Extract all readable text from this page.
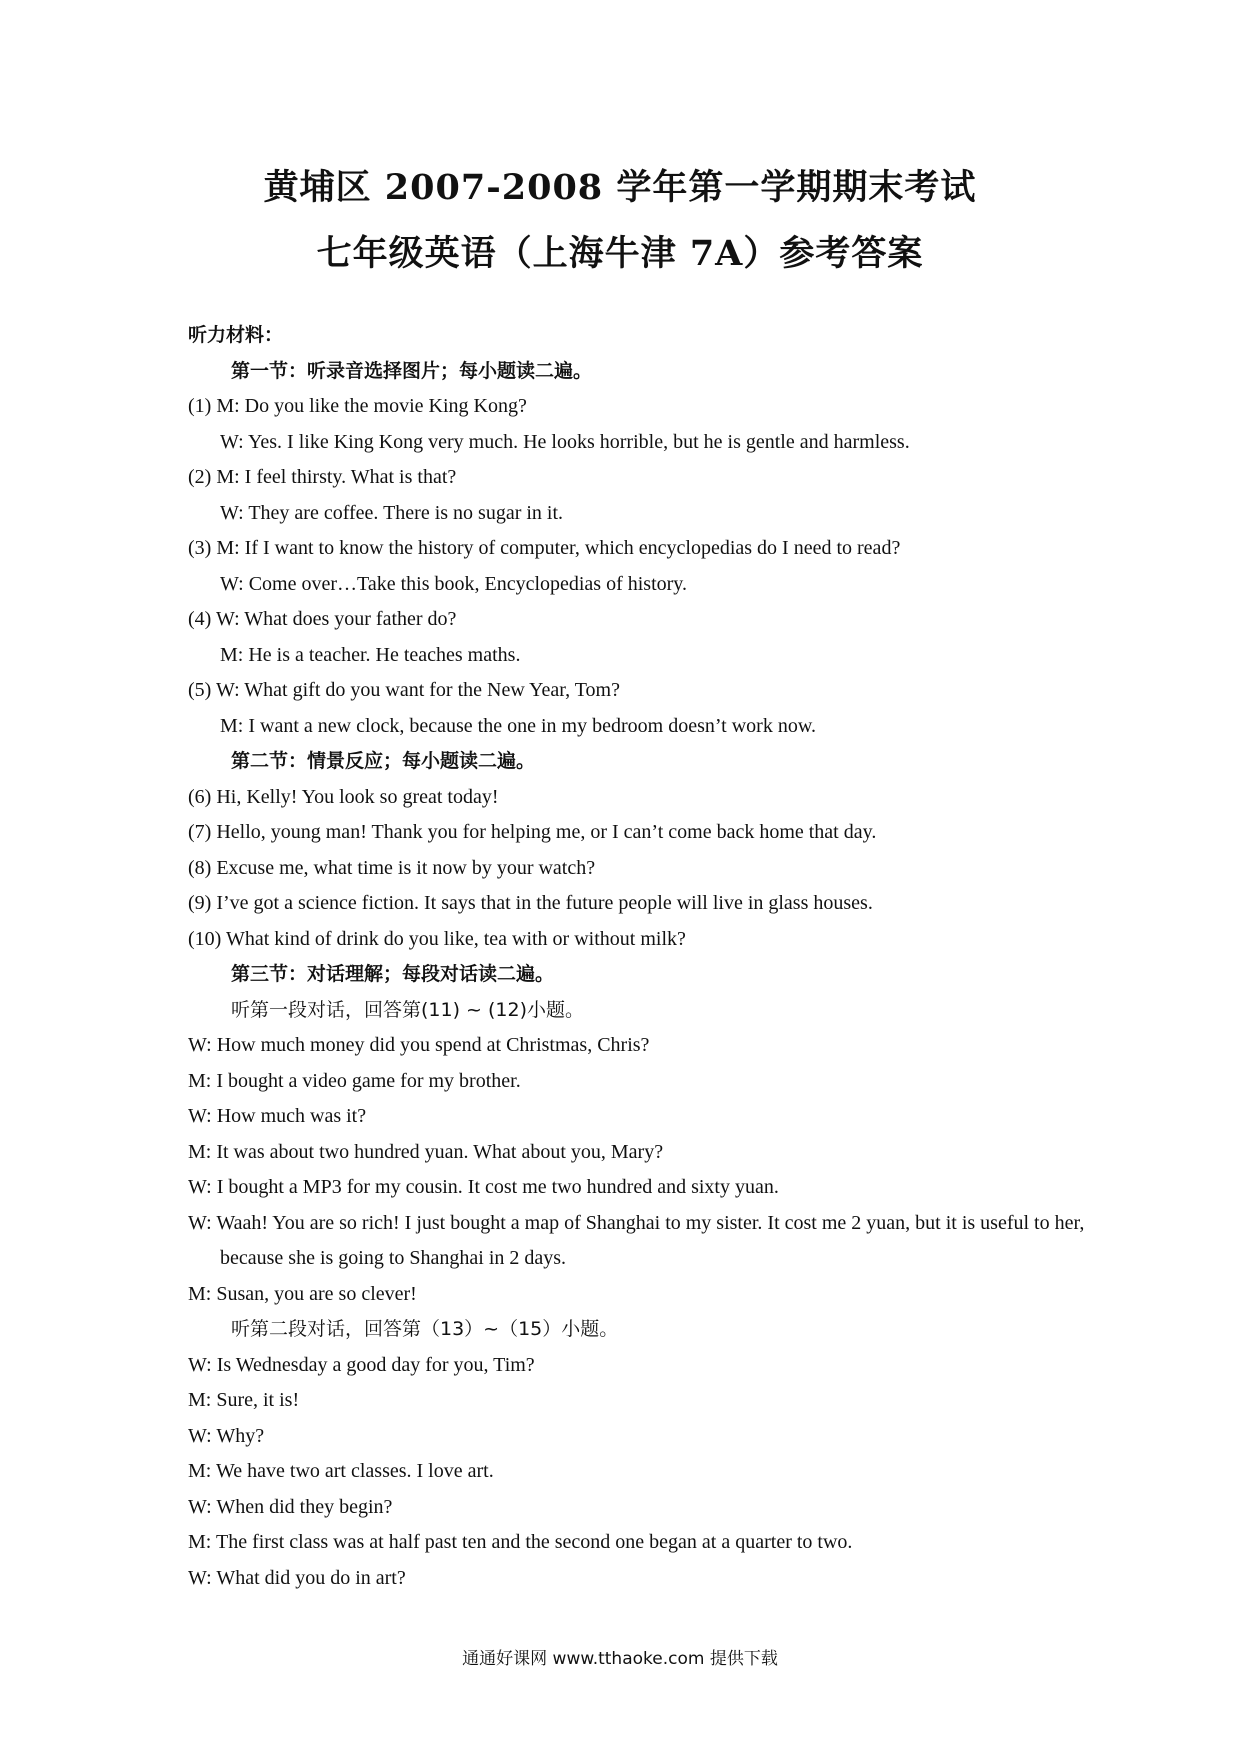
黄埔区 2007-2008 学年第一学期期末考试
七年级英语（上海牛津 7A）参考答案
听力材料：
第一节：听录音选择图片；每小题读二遍。
(1) M: Do you like the movie King Kong?
W: Yes. I like King Kong very much. He looks horrible, but he is gentle and harmless.
(2) M: I feel thirsty. What is that?
W: They are coffee. There is no sugar in it.
(3) M: If I want to know the history of computer, which encyclopedias do I need to read?
W: Come over…Take this book, Encyclopedias of history.
(4) W: What does your father do?
M: He is a teacher. He teaches maths.
(5) W: What gift do you want for the New Year, Tom?
M: I want a new clock, because the one in my bedroom doesn’t work now.
第二节：情景反应；每小题读二遍。
(6) Hi, Kelly! You look so great today!
(7) Hello, young man! Thank you for helping me, or I can’t come back home that day.
(8) Excuse me, what time is it now by your watch?
(9) I’ve got a science fiction. It says that in the future people will live in glass houses.
(10) What kind of drink do you like, tea with or without milk?
第三节：对话理解；每段对话读二遍。
听第一段对话，回答第(11) ~ (12)小题。
W: How much money did you spend at Christmas, Chris?
M: I bought a video game for my brother.
W: How much was it?
M: It was about two hundred yuan. What about you, Mary?
W: I bought a MP3 for my cousin. It cost me two hundred and sixty yuan.
W: Waah! You are so rich! I just bought a map of Shanghai to my sister. It cost me 2 yuan, but it is useful to her, because she is going to Shanghai in 2 days.
M: Susan, you are so clever!
听第二段对话，回答第（13）~（15）小题。
W: Is Wednesday a good day for you, Tim?
M: Sure, it is!
W: Why?
M: We have two art classes. I love art.
W: When did they begin?
M: The first class was at half past ten and the second one began at a quarter to two.
W: What did you do in art?
通通好课网 www.tthaoke.com 提供下载
